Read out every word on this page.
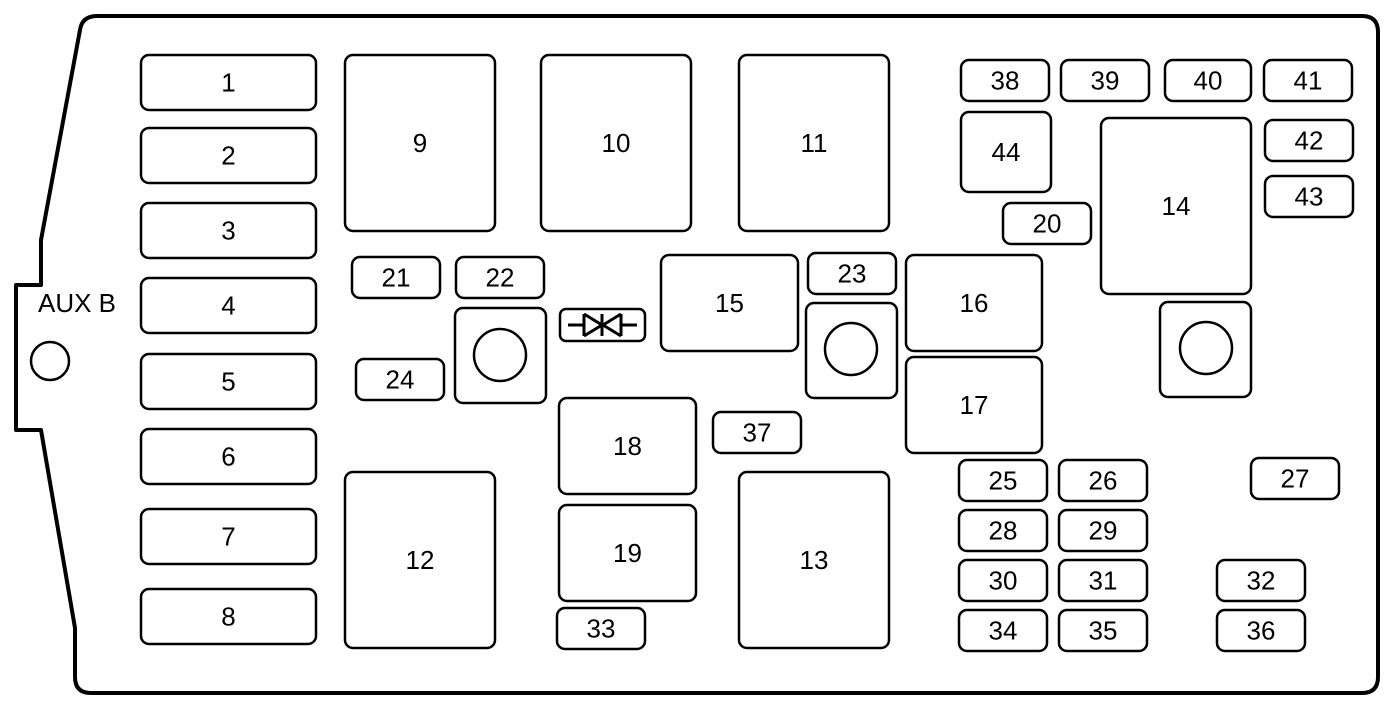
AUX B
1
2
3
4
5
6
7
8
9	10	11
12	13
14
15	16
17
18
19
20
21	22	23
24
25	26	27
28	29
30	31	32
33	34	35	36
37
38	39	40	41
42
43
44
